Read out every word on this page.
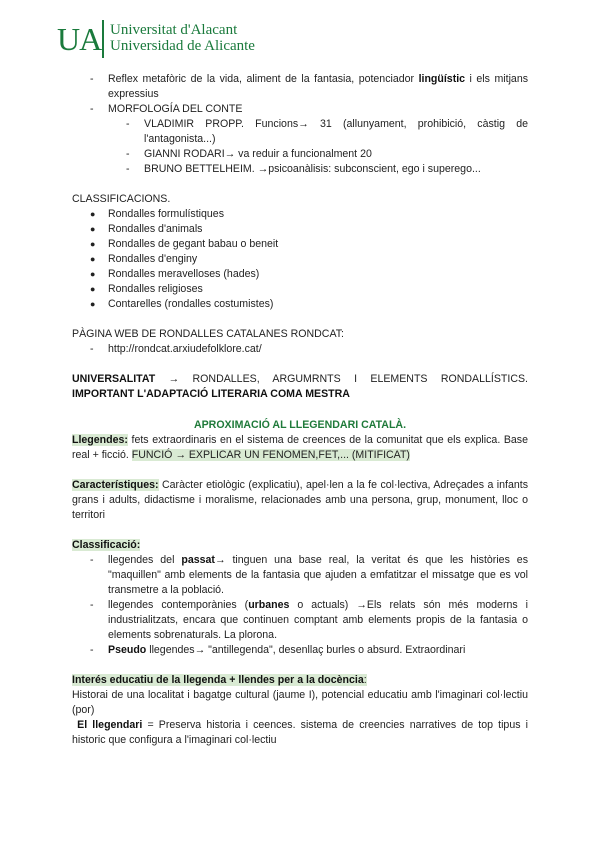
UA Universitat d'Alacant
Universidad de Alicante
- Reflex metafòric de la vida, aliment de la fantasia, potenciador lingüístic i els mitjans expressius
- MORFOLOGÍA DEL CONTE
- VLADIMIR PROPP. Funcions→ 31 (allunyament, prohibició, càstig de l'antagonista...)
- GIANNI RODARI→ va reduir a funcionalment 20
- BRUNO BETTELHEIM. →psicoanàlisis: subconscient, ego i superego...

CLASSIFICACIONS.

● Rondalles formulístiques
● Rondalles d'animals
● Rondalles de gegant babau o beneit
● Rondalles d'enginy
● Rondalles meravelloses (hades)
● Rondalles religioses
● Contarelles (rondalles costumistes)

PÀGINA WEB DE RONDALLES CATALANES RONDCAT:

- http://rondcat.arxiudefolklore.cat/

UNIVERSALITAT → RONDALLES, ARGUMRNTS I ELEMENTS RONDALLÍSTICS.

IMPORTANT L'ADAPTACIÓ LITERARIA COMA MESTRA

APROXIMACIÓ AL LLEGENDARI CATALÀ.

Llegendes: fets extraordinaris en el sistema de creences de la comunitat que els explica. Base real + ficció. FUNCIÓ → EXPLICAR UN FENOMEN,FET,... (MITIFICAT)

Característiques: Caràcter etiològic (explicatiu), apel·len a la fe col·lectiva, Adreçades a infants grans i adults, didactisme i moralisme, relacionades amb una persona, grup, monument, lloc o territori

Classificació:

- llegendes del passat→ tinguen una base real, la veritat és que les històries es "maquillen" amb elements de la fantasia que ajuden a emfatitzar el missatge que es vol transmetre a la població.
- llegendes contemporànies (urbanes o actuals) →Els relats són més moderns i industrialitzats, encara que continuen comptant amb elements propis de la fantasia o elements sobrenaturals. La plorona.
- Pseudo llegendes→ "antillegenda", desenllaç burles o absurd. Extraordinari

Interés educatiu de la llegenda + llendes per a la docència:

Historai de una localitat i bagatge cultural (jaume I), potencial educatiu amb l'imaginari col·lectiu (por)

El llegendari = Preserva historia i ceences. sistema de creencies narratives de top tipus i historic que configura a l'imaginari col·lectiu
